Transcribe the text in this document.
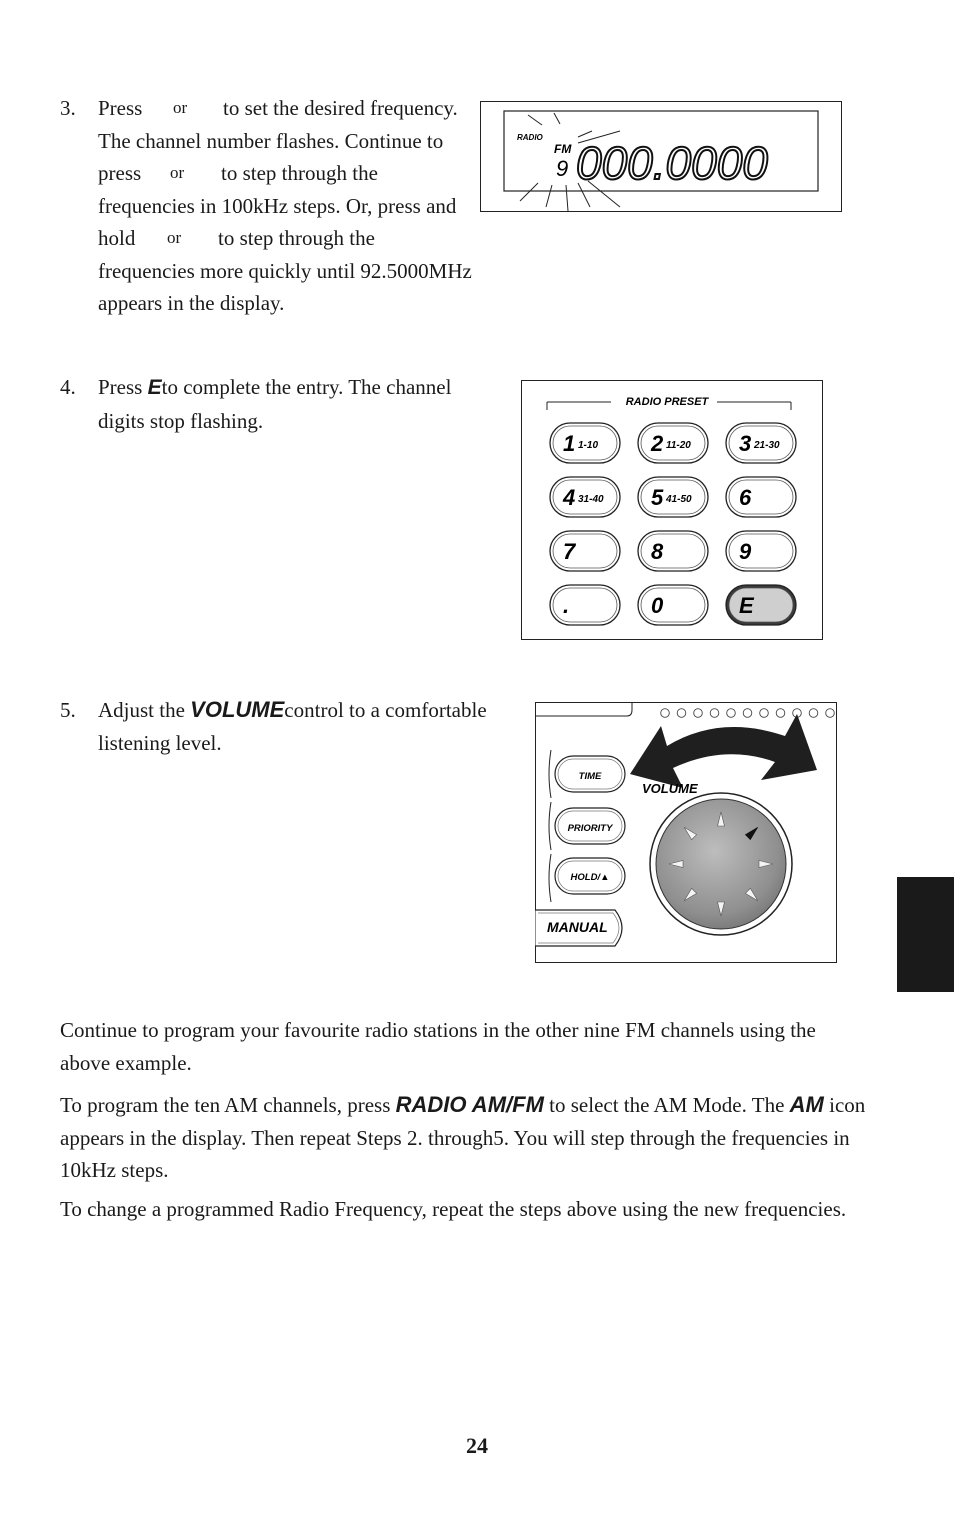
3. Press or to set the desired frequency.
The channel number flashes. Continue to
press or to step through the
frequencies in 100kHz steps. Or, press and
hold or to step through the
frequencies more quickly until 92.5000MHz
appears in the display.
RADIO
FM
9 000.0000
4. Press Eto complete the entry. The channel
digits stop flashing.
RADIO PRESET
1 1-10 2 11-20 3 21-30
4 31-40 5 41-50 6
7	8	9
.	0	E
5. Adjust the VOLUMEcontrol to a comfortable
listening level.
VOLUME
TIME
PRIORITY
HOLD/▲
MANUAL
Continue to program your favourite radio stations in the other nine FM channels using the above example.
To program the ten AM channels, press RADIO AM/FM to select the AM Mode. The AM icon appears in the display. Then repeat Steps 2. through5. You will step through the frequencies in 10kHz steps.
To change a programmed Radio Frequency, repeat the steps above using the new frequencies.
24
